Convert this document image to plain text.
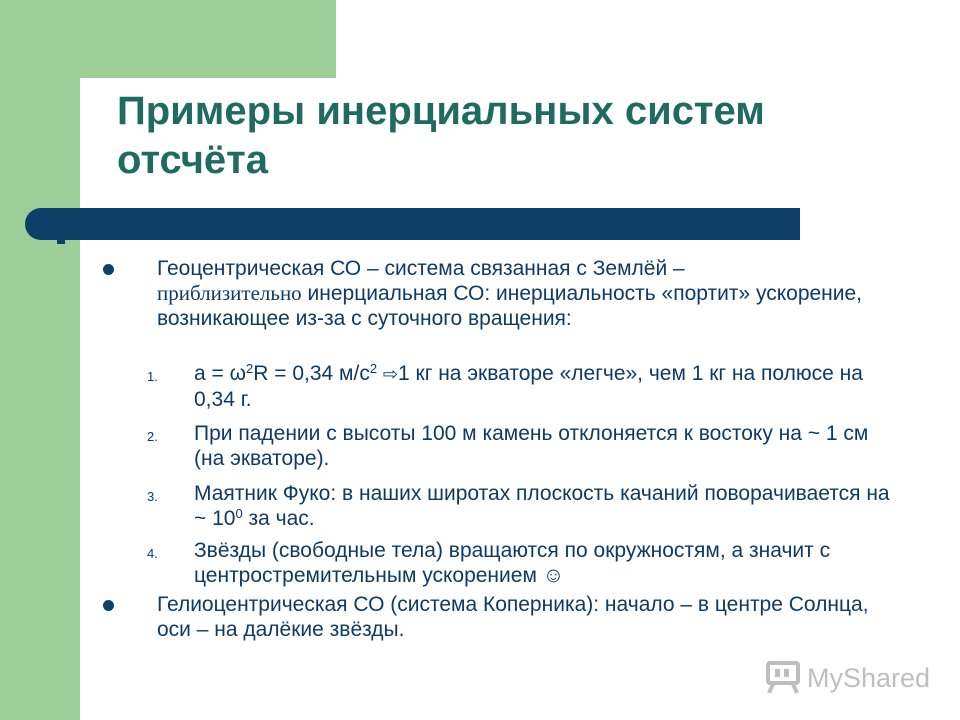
Примеры инерциальных систем отсчёта

Геоцентрическая СО – система связанная с Землёй –
приблизительно инерциальная СО: инерциальность «портит» ускорение, возникающее из-за с суточного вращения:

1. $a = \omega^2R = 0,34$ $м/с^2$ ⇨1 кг на экваторе «легче», чем 1 кг на полюсе на 0,34 г.

2. При падении с высоты 100 м камень отклоняется к востоку на ~ 1 см (на экваторе).

3. Маятник Фуко: в наших широтах плоскость качаний поворачивается на ~ $10^0$ за час.

4. Звёзды (свободные тела) вращаются по окружностям, а значит с центростремительным ускорением ☺

Гелиоцентрическая СО (система Коперника): начало – в центре Солнца, оси – на далёкие звёзды.

MyShared
